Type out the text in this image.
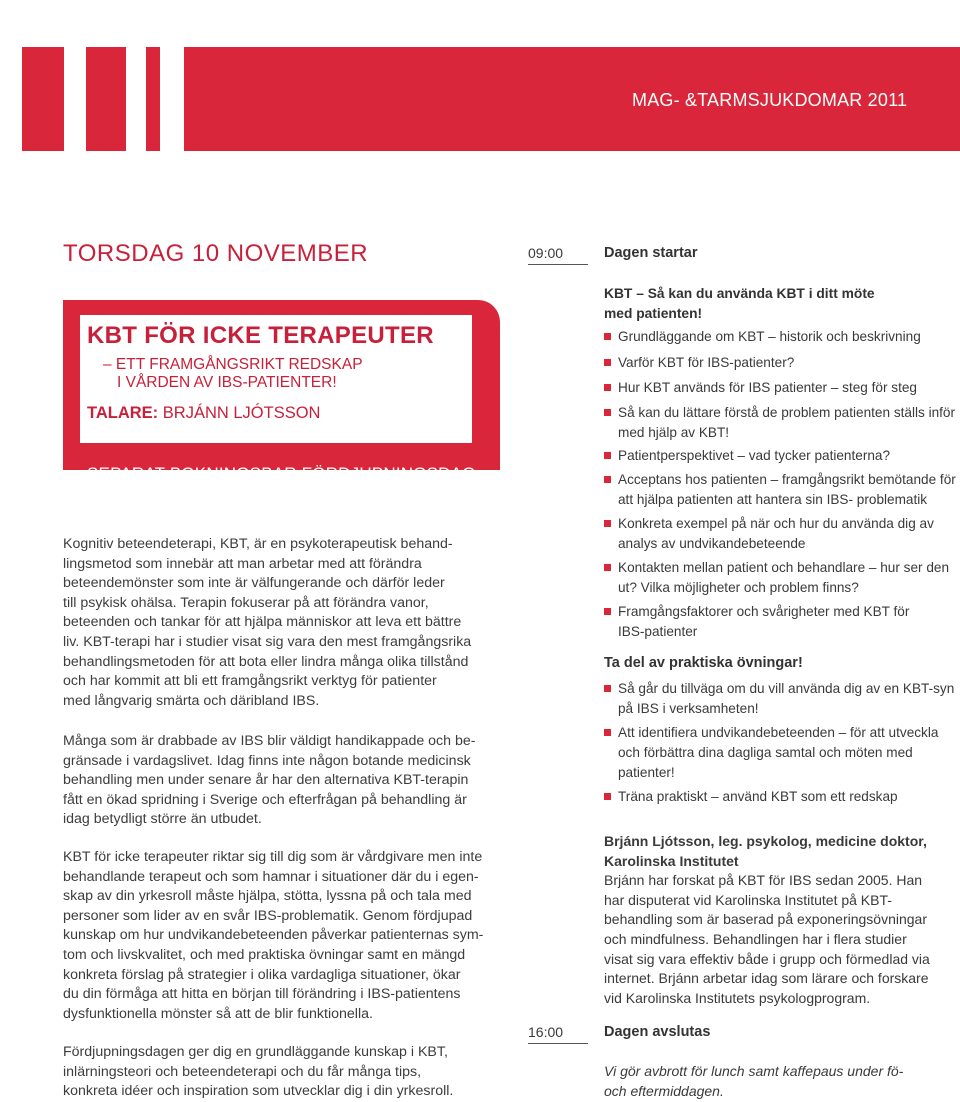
MAG- &TARMSJUKDOMAR 2011
TORSDAG 10 NOVEMBER
KBT FÖR ICKE TERAPEUTER
– ETT FRAMGÅNGSRIKT REDSKAP
I VÅRDEN AV IBS-PATIENTER!
TALARE: BRJÁNN LJÓTSSON
SEPARAT BOKNINGSBAR FÖRDJUPNINGSDAG
Kognitiv beteendeterapi, KBT, är en psykoterapeutisk behand-
lingsmetod som innebär att man arbetar med att förändra
beteendemönster som inte är välfungerande och därför leder
till psykisk ohälsa. Terapin fokuserar på att förändra vanor,
beteenden och tankar för att hjälpa människor att leva ett bättre
liv. KBT-terapi har i studier visat sig vara den mest framgångsrika
behandlingsmetoden för att bota eller lindra många olika tillstånd
och har kommit att bli ett framgångsrikt verktyg för patienter
med långvarig smärta och däribland IBS.
Många som är drabbade av IBS blir väldigt handikappade och be-
gränsade i vardagslivet. Idag finns inte någon botande medicinsk
behandling men under senare år har den alternativa KBT-terapin
fått en ökad spridning i Sverige och efterfrågan på behandling är
idag betydligt större än utbudet.
KBT för icke terapeuter riktar sig till dig som är vårdgivare men inte
behandlande terapeut och som hamnar i situationer där du i egen-
skap av din yrkesroll måste hjälpa, stötta, lyssna på och tala med
personer som lider av en svår IBS-problematik. Genom fördjupad
kunskap om hur undvikandebeteenden påverkar patienternas sym-
tom och livskvalitet, och med praktiska övningar samt en mängd
konkreta förslag på strategier i olika vardagliga situationer, ökar
du din förmåga att hitta en början till förändring i IBS-patientens
dysfunktionella mönster så att de blir funktionella.
Fördjupningsdagen ger dig en grundläggande kunskap i KBT,
inlärningsteori och beteendeterapi och du får många tips,
konkreta idéer och inspiration som utvecklar dig i din yrkesroll.
09:00	Dagen startar
KBT – Så kan du använda KBT i ditt möte
med patienten!
Grundläggande om KBT – historik och beskrivning
Varför KBT för IBS-patienter?
Hur KBT används för IBS patienter – steg för steg
Så kan du lättare förstå de problem patienten ställs inför
med hjälp av KBT!
Patientperspektivet – vad tycker patienterna?
Acceptans hos patienten – framgångsrikt bemötande för
att hjälpa patienten att hantera sin IBS- problematik
Konkreta exempel på när och hur du använda dig av
analys av undvikandebeteende
Kontakten mellan patient och behandlare – hur ser den
ut? Vilka möjligheter och problem finns?
Framgångsfaktorer och svårigheter med KBT för
IBS-patienter
Ta del av praktiska övningar!
Så går du tillväga om du vill använda dig av en KBT-syn
på IBS i verksamheten!
Att identifiera undvikandebeteenden – för att utveckla
och förbättra dina dagliga samtal och möten med
patienter!
Träna praktiskt – använd KBT som ett redskap
Brjánn Ljótsson, leg. psykolog, medicine doktor,
Karolinska Institutet
Brjánn har forskat på KBT för IBS sedan 2005. Han
har disputerat vid Karolinska Institutet på KBT-
behandling som är baserad på exponeringsövningar
och mindfulness. Behandlingen har i flera studier
visat sig vara effektiv både i grupp och förmedlad via
internet. Brjánn arbetar idag som lärare och forskare
vid Karolinska Institutets psykologprogram.
16:00	Dagen avslutas
Vi gör avbrott för lunch samt kaffepaus under fö-
och eftermiddagen.
